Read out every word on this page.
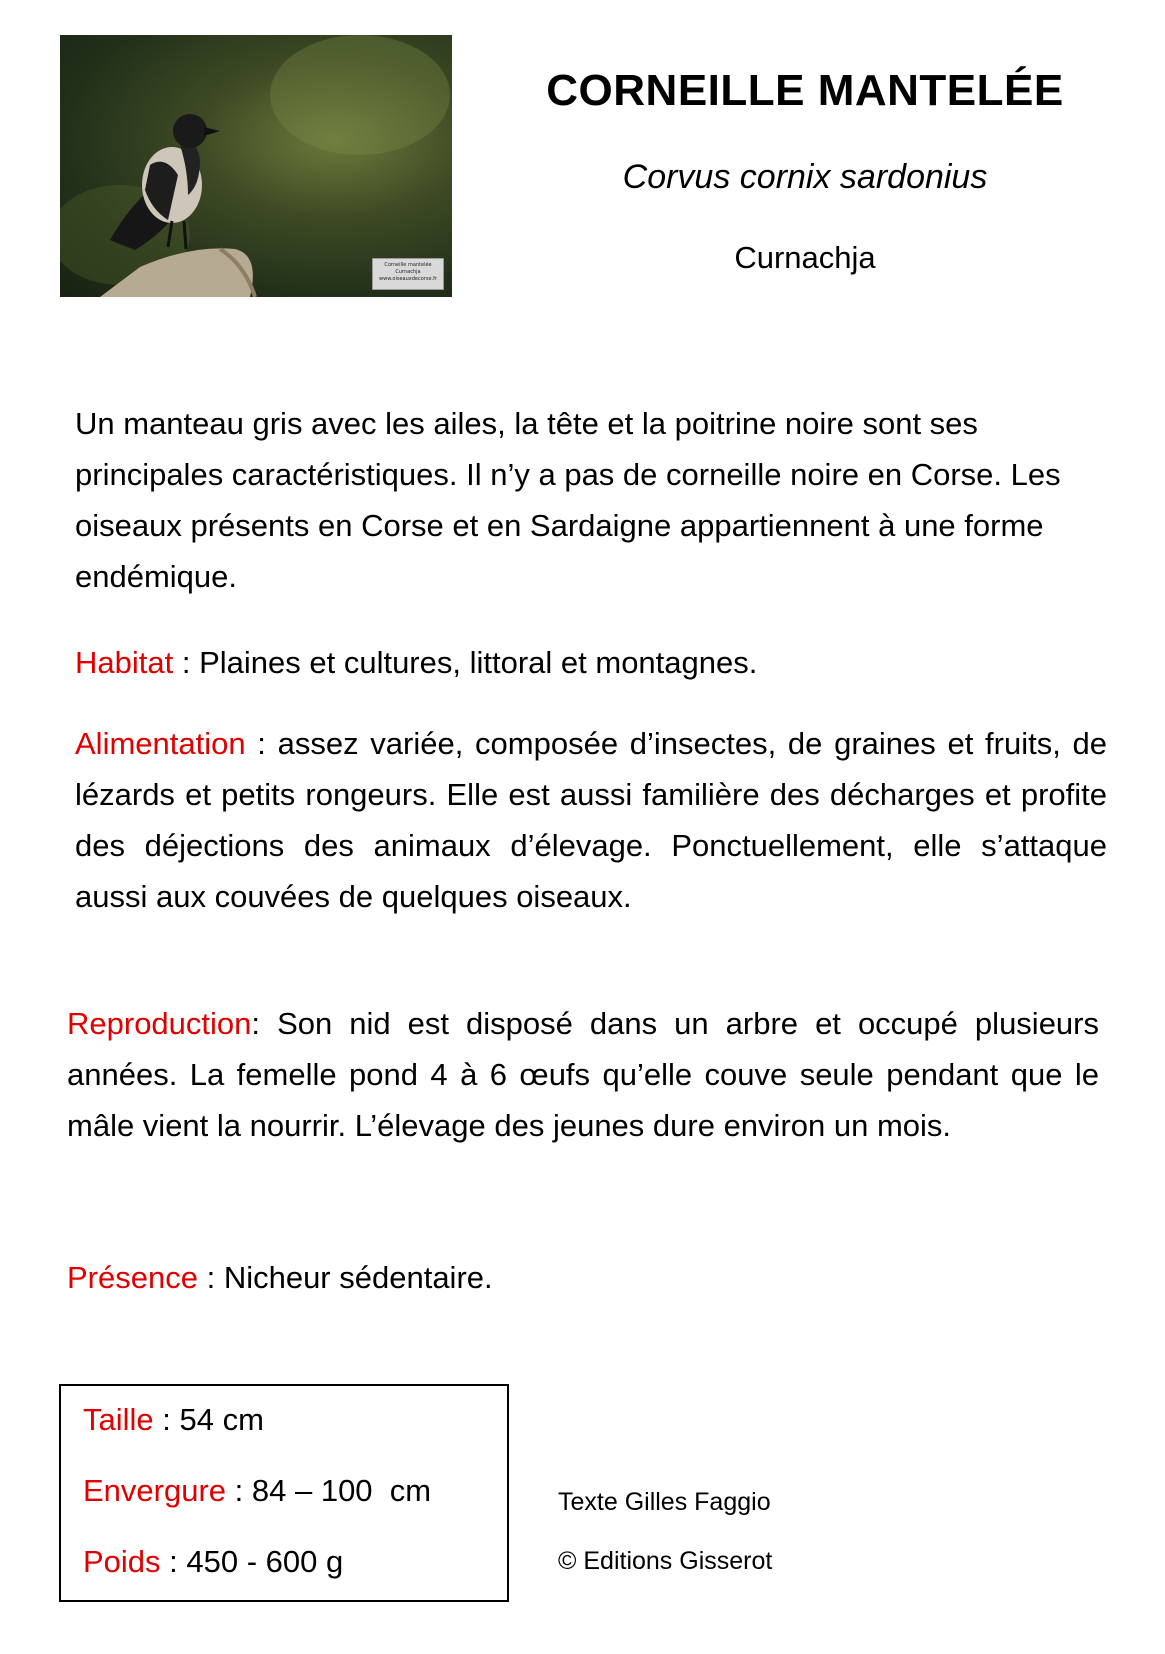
Corneille mantelée
Curnachja
www.oiseauxdecorse.fr
CORNEILLE MANTELÉE
Corvus cornix sardonius
Curnachja
Un manteau gris avec les ailes, la tête et la poitrine noire sont ses principales caractéristiques. Il n’y a pas de corneille noire en Corse. Les oiseaux présents en Corse et en Sardaigne appartiennent à une forme endémique.
Habitat : Plaines et cultures, littoral et montagnes.
Alimentation : assez variée, composée d’insectes, de graines et fruits, de lézards et petits rongeurs. Elle est aussi familière des décharges et profite des déjections des animaux d’élevage. Ponctuellement, elle s’attaque aussi aux couvées de quelques oiseaux.
Reproduction: Son nid est disposé dans un arbre et occupé plusieurs années. La femelle pond 4 à 6 œufs qu’elle couve seule pendant que le mâle vient la nourrir. L’élevage des jeunes dure environ un mois.
Présence : Nicheur sédentaire.
Taille : 54 cm
Envergure : 84 – 100  cm
Poids : 450 - 600 g
Texte Gilles Faggio
© Editions Gisserot
